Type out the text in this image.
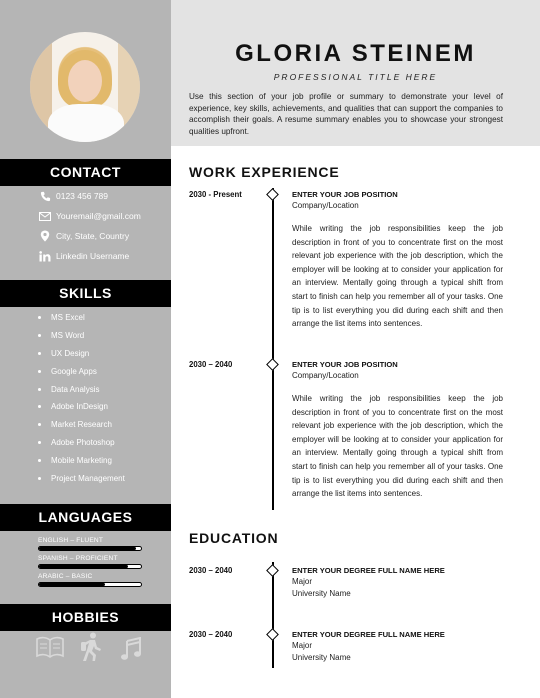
CONTACT
0123 456 789
Youremail@gmail.com
City, State, Country
Linkedin Username
SKILLS
MS Excel
MS Word
UX Design
Google Apps
Data Analysis
Adobe InDesign
Market Research
Adobe Photoshop
Mobile Marketing
Project Management
LANGUAGES
ENGLISH – FLUENT
SPANISH – PROFICIENT
ARABIC – BASIC
HOBBIES
GLORIA STEINEM
PROFESSIONAL TITLE HERE
Use this section of your job profile or summary to demonstrate your level of experience, key skills, achievements, and qualities that can support the companies to accomplish their goals. A resume summary enables you to showcase your strongest qualities upfront.
WORK EXPERIENCE
2030 - Present	ENTER YOUR JOB POSITION
Company/Location
While writing the job responsibilities keep the job description in front of you to concentrate first on the most relevant job experience with the job description, which the employer will be looking at to consider your application for an interview. Mentally going through a typical shift from start to finish can help you remember all of your tasks. One tip is to list everything you did during each shift and then arrange the list items into sentences.
2030 – 2040	ENTER YOUR JOB POSITION
Company/Location
While writing the job responsibilities keep the job description in front of you to concentrate first on the most relevant job experience with the job description, which the employer will be looking at to consider your application for an interview. Mentally going through a typical shift from start to finish can help you remember all of your tasks. One tip is to list everything you did during each shift and then arrange the list items into sentences.
EDUCATION
2030 – 2040	ENTER YOUR DEGREE FULL NAME HERE
Major
University Name
2030 – 2040	ENTER YOUR DEGREE FULL NAME HERE
Major
University Name
